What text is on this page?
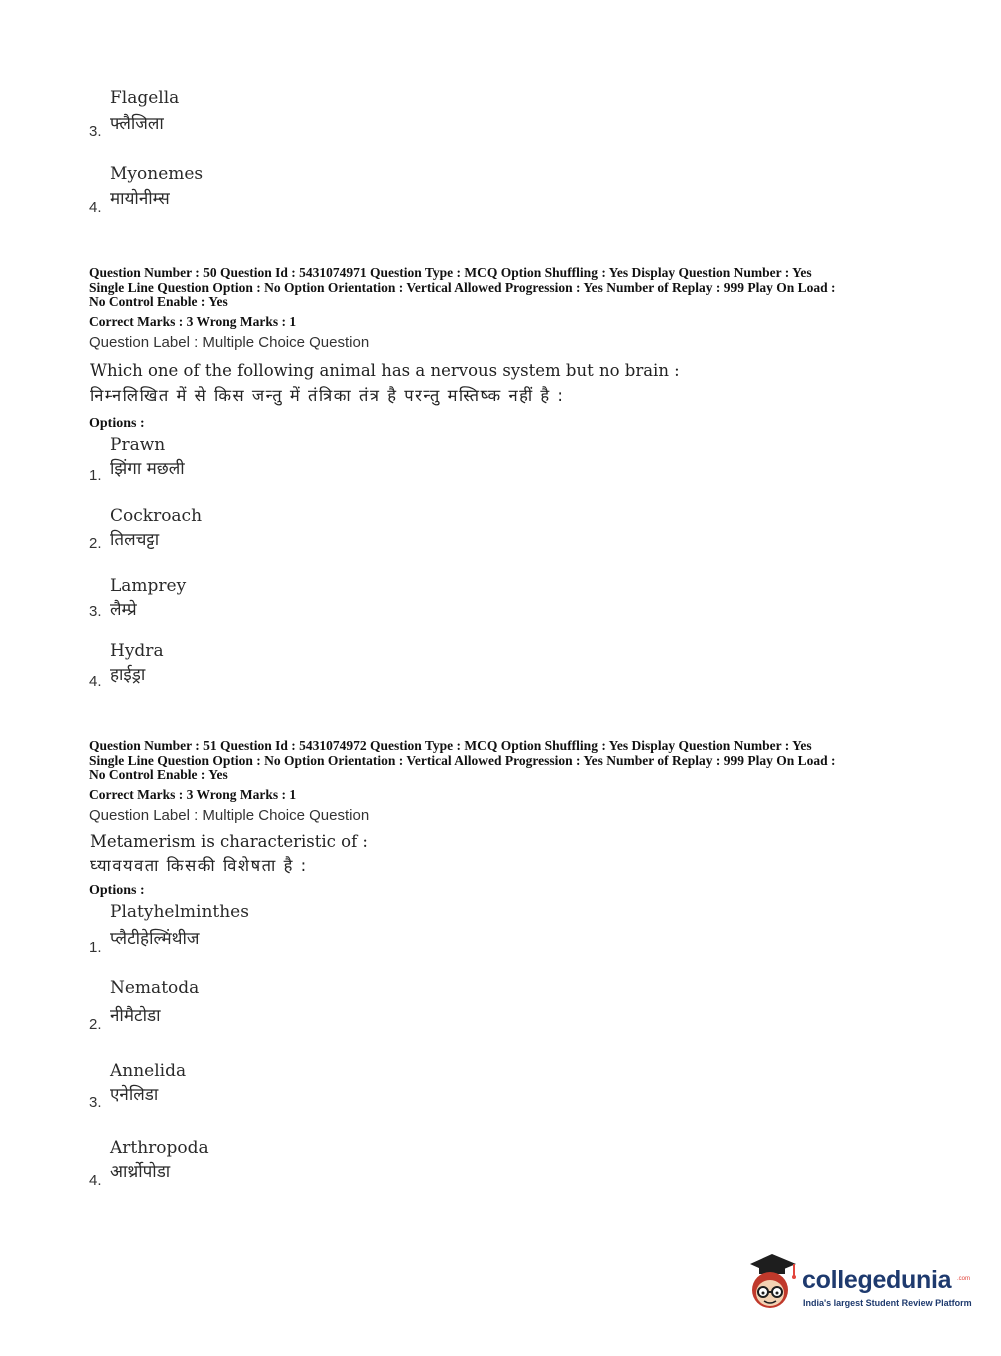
Flagella
फ्लैजिला
3.
Myonemes
मायोनीम्स
4.
Question Number : 50 Question Id : 5431074971 Question Type : MCQ Option Shuffling : Yes Display Question Number : Yes
Single Line Question Option : No Option Orientation : Vertical Allowed Progression : Yes Number of Replay : 999 Play On Load :
No Control Enable : Yes
Correct Marks : 3 Wrong Marks : 1
Question Label : Multiple Choice Question
Which one of the following animal has a nervous system but no brain :
निम्नलिखित में से किस जन्तु में तंत्रिका तंत्र है परन्तु मस्तिष्क नहीं है :
Options :
Prawn
झिंगा मछली
1.
Cockroach
तिलचट्टा
2.
Lamprey
लैम्प्रे
3.
Hydra
हाईड्रा
4.
Question Number : 51 Question Id : 5431074972 Question Type : MCQ Option Shuffling : Yes Display Question Number : Yes
Single Line Question Option : No Option Orientation : Vertical Allowed Progression : Yes Number of Replay : 999 Play On Load :
No Control Enable : Yes
Correct Marks : 3 Wrong Marks : 1
Question Label : Multiple Choice Question
Metamerism is characteristic of :
घ्यावयवता किसकी विशेषता है :
Options :
Platyhelminthes
प्लैटीहेल्मिंथीज
1.
Nematoda
नीमैटोडा
2.
Annelida
एनेलिडा
3.
Arthropoda
आर्थ्रोपोडा
4.
collegedunia .com
India's largest Student Review Platform
